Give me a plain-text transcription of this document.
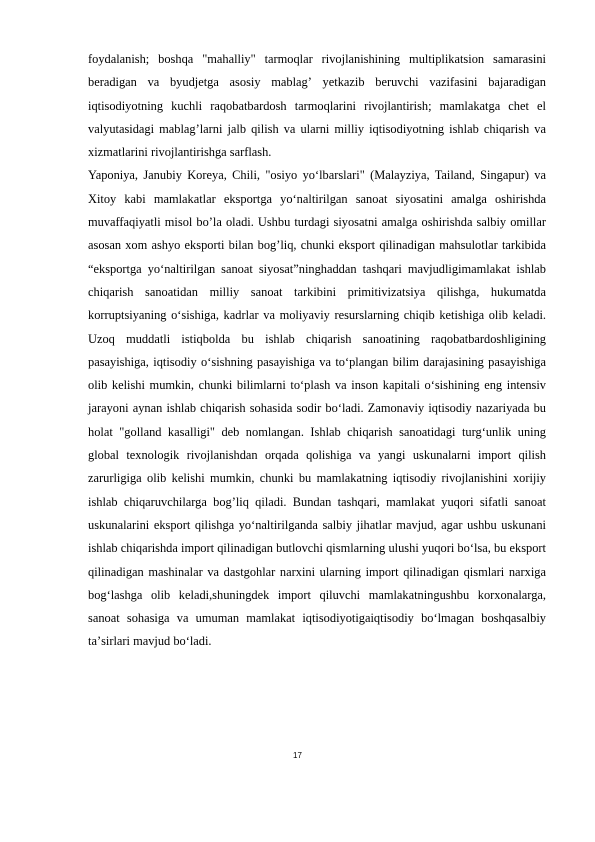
foydalanish; boshqa "mahalliy" tarmoqlar rivojlanishining multiplikatsion samarasini beradigan va byudjetga asosiy mablagʼ yetkazib beruvchi vazifasini bajaradigan iqtisodiyotning kuchli raqobatbardosh tarmoqlarini rivojlantirish; mamlakatga chet el valyutasidagi mablagʼlarni jalb qilish va ularni milliy iqtisodiyotning ishlab chiqarish va xizmatlarini rivojlantirishga sarflash.

Yaponiya, Janubiy Koreya, Chili, "osiyo yoʻlbarslari" (Malayziya, Tailand, Singapur) va Xitoy kabi mamlakatlar eksportga yoʻnaltirilgan sanoat siyosatini amalga oshirishda muvaffaqiyatli misol bo’la oladi. Ushbu turdagi siyosatni amalga oshirishda salbiy omillar asosan xom ashyo eksporti bilan bogʼliq, chunki eksport qilinadigan mahsulotlar tarkibida “eksportga yoʻnaltirilgan sanoat siyosat”ninghaddan tashqari mavjudligimamlakat ishlab chiqarish sanoatidan milliy sanoat tarkibini primitivizatsiya qilishga, hukumatda korruptsiyaning oʻsishiga, kadrlar va moliyaviy resurslarning chiqib ketishiga olib keladi. Uzoq muddatli istiqbolda bu ishlab chiqarish sanoatining raqobatbardoshligining pasayishiga, iqtisodiy oʻsishning pasayishiga va toʻplangan bilim darajasining pasayishiga olib kelishi mumkin, chunki bilimlarni toʻplash va inson kapitali oʻsishining eng intensiv jarayoni aynan ishlab chiqarish sohasida sodir boʻladi. Zamonaviy iqtisodiy nazariyada bu holat "golland kasalligi" deb nomlangan. Ishlab chiqarish sanoatidagi turgʻunlik uning global texnologik rivojlanishdan orqada qolishiga va yangi uskunalarni import qilish zarurligiga olib kelishi mumkin, chunki bu mamlakatning iqtisodiy rivojlanishini xorijiy ishlab chiqaruvchilarga bogʼliq qiladi. Bundan tashqari, mamlakat yuqori sifatli sanoat uskunalarini eksport qilishga yoʻnaltirilganda salbiy jihatlar mavjud, agar ushbu uskunani ishlab chiqarishda import qilinadigan butlovchi qismlarning ulushi yuqori boʻlsa, bu eksport qilinadigan mashinalar va dastgohlar narxini ularning import qilinadigan qismlari narxiga bogʻlashga olib keladi,shuningdek import qiluvchi mamlakatningushbu korxonalarga, sanoat sohasiga va umuman mamlakat iqtisodiyotigaiqtisodiy boʻlmagan boshqasalbiy taʼsirlari mavjud boʻladi.

17
